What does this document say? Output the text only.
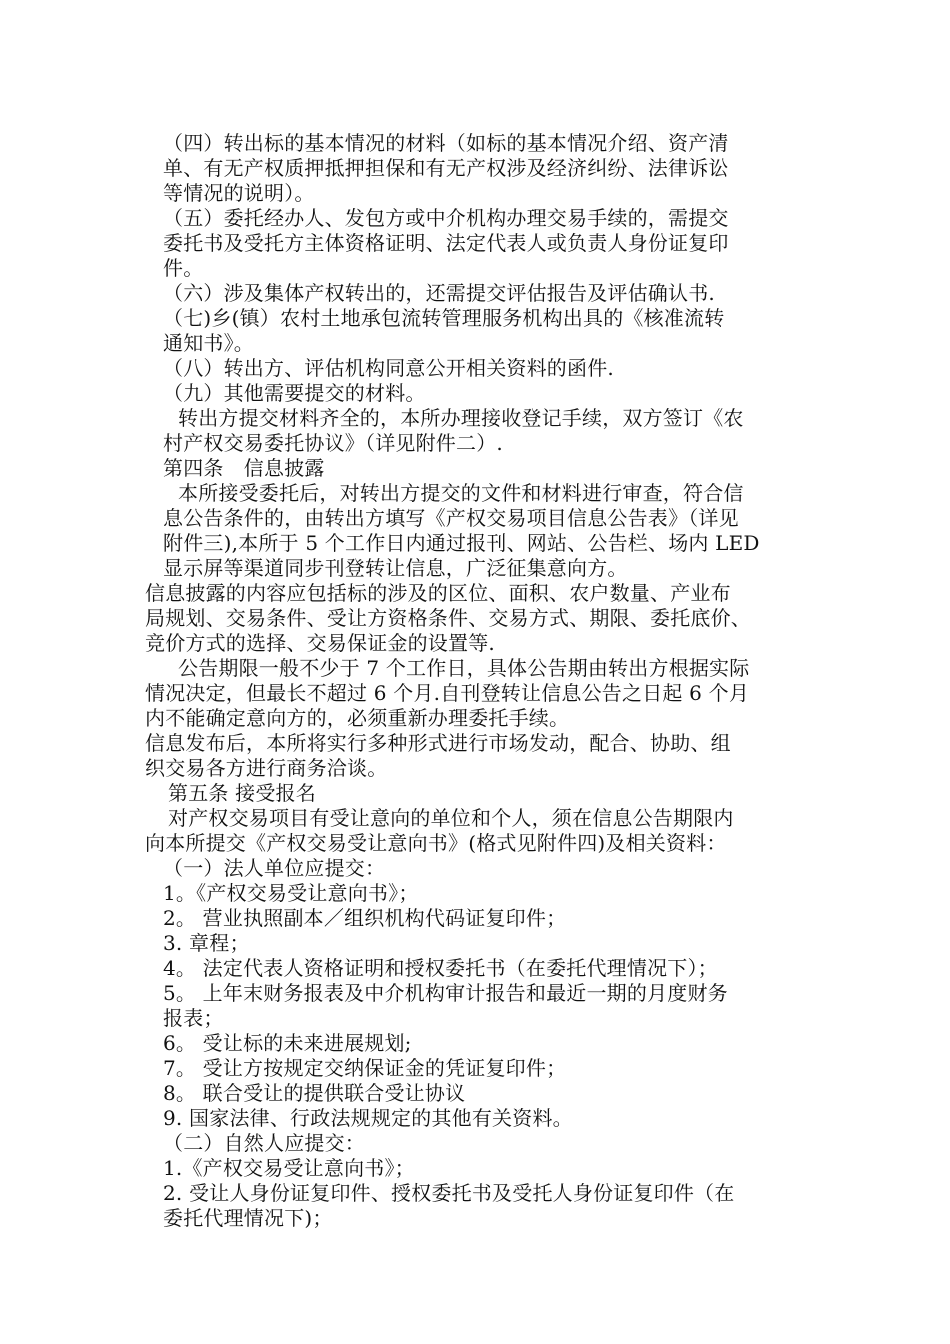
（四）转出标的基本情况的材料（如标的基本情况介绍、资产清
单、有无产权质押抵押担保和有无产权涉及经济纠纷、法律诉讼
等情况的说明）。
（五）委托经办人、发包方或中介机构办理交易手续的，需提交
委托书及受托方主体资格证明、法定代表人或负责人身份证复印
件。
（六）涉及集体产权转出的，还需提交评估报告及评估确认书.
（七)乡(镇）农村土地承包流转管理服务机构出具的《核准流转
通知书》。
（八）转出方、评估机构同意公开相关资料的函件.
（九）其他需要提交的材料。
转出方提交材料齐全的，本所办理接收登记手续，双方签订《农
村产权交易委托协议》（详见附件二）.
第四条　信息披露
本所接受委托后，对转出方提交的文件和材料进行审查，符合信
息公告条件的，由转出方填写《产权交易项目信息公告表》（详见
附件三),本所于 5 个工作日内通过报刊、网站、公告栏、场内 LED
显示屏等渠道同步刊登转让信息，广泛征集意向方。
信息披露的内容应包括标的涉及的区位、面积、农户数量、产业布
局规划、交易条件、受让方资格条件、交易方式、期限、委托底价、
竞价方式的选择、交易保证金的设置等.
公告期限一般不少于 7 个工作日，具体公告期由转出方根据实际
情况决定，但最长不超过 6 个月.自刊登转让信息公告之日起 6 个月
内不能确定意向方的，必须重新办理委托手续。
信息发布后，本所将实行多种形式进行市场发动，配合、协助、组
织交易各方进行商务洽谈。
第五条 接受报名
对产权交易项目有受让意向的单位和个人，须在信息公告期限内
向本所提交《产权交易受让意向书》(格式见附件四)及相关资料：
（一）法人单位应提交：
1。《产权交易受让意向书》；
2。 营业执照副本／组织机构代码证复印件；
3. 章程；
4。 法定代表人资格证明和授权委托书（在委托代理情况下）；
5。 上年末财务报表及中介机构审计报告和最近一期的月度财务
报表；
6。 受让标的未来进展规划;
7。 受让方按规定交纳保证金的凭证复印件；
8。 联合受让的提供联合受让协议
9. 国家法律、行政法规规定的其他有关资料。
（二）自然人应提交：
1.《产权交易受让意向书》；
2. 受让人身份证复印件、授权委托书及受托人身份证复印件（在
委托代理情况下)；
